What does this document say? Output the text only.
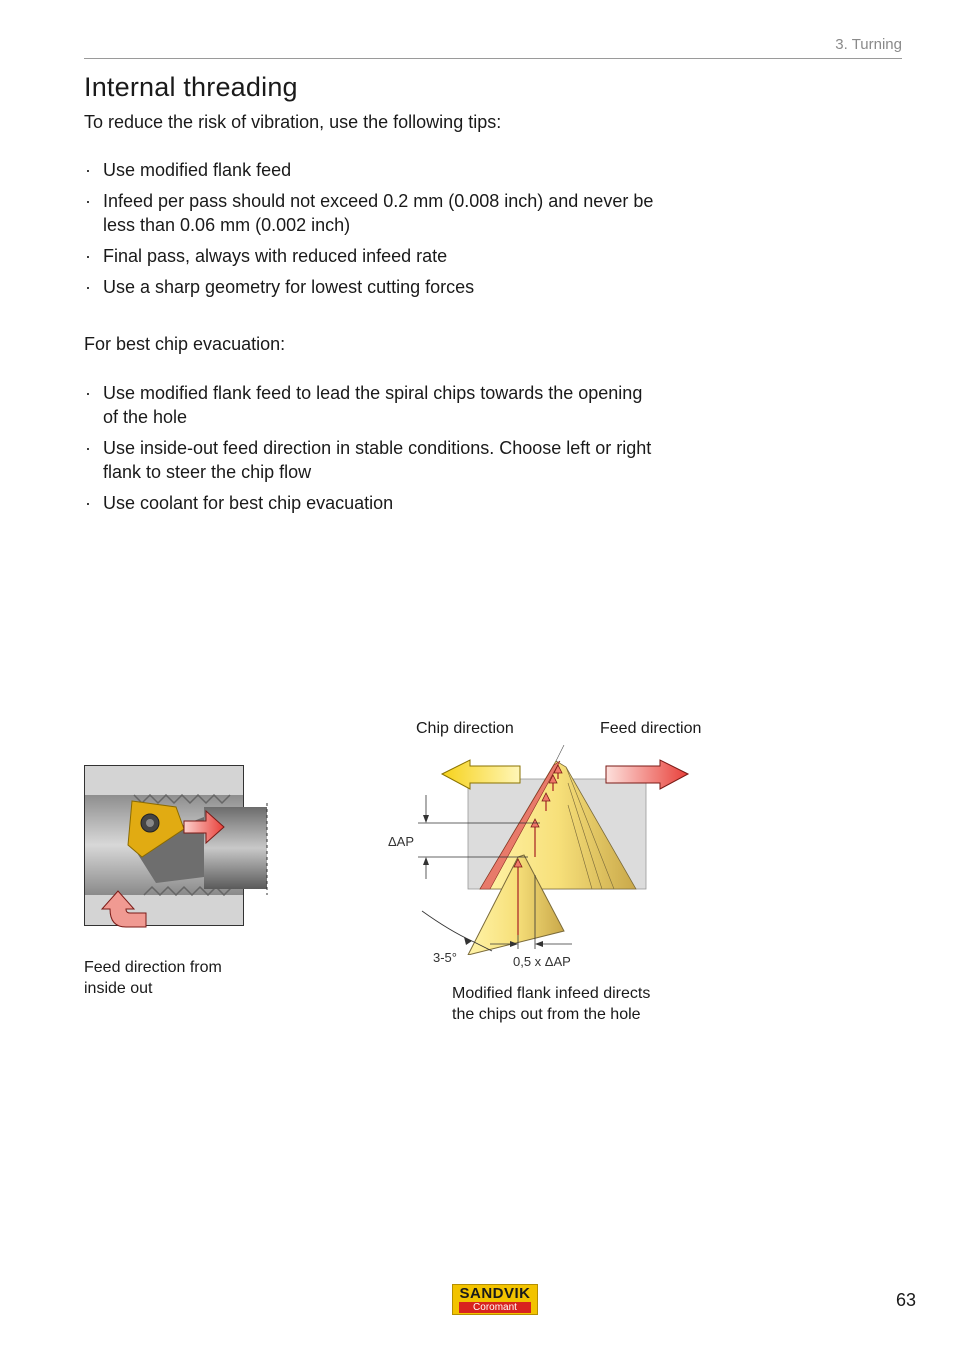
3. Turning
Internal threading

To reduce the risk of vibration, use the following tips:

· Use modified flank feed
· Infeed per pass should not exceed 0.2 mm (0.008 inch) and never be less than 0.06 mm (0.002 inch)
· Final pass, always with reduced infeed rate
· Use a sharp geometry for lowest cutting forces

For best chip evacuation:

· Use modified flank feed to lead the spiral chips towards the opening of the hole
· Use inside-out feed direction in stable conditions. Choose left or right flank to steer the chip flow
· Use coolant for best chip evacuation
Feed direction from
inside out
Chip direction	Feed direction
ΔAP
3-5°	0,5 x ΔAP
Modified flank infeed directs
the chips out from the hole
SANDVIK
Coromant	63
